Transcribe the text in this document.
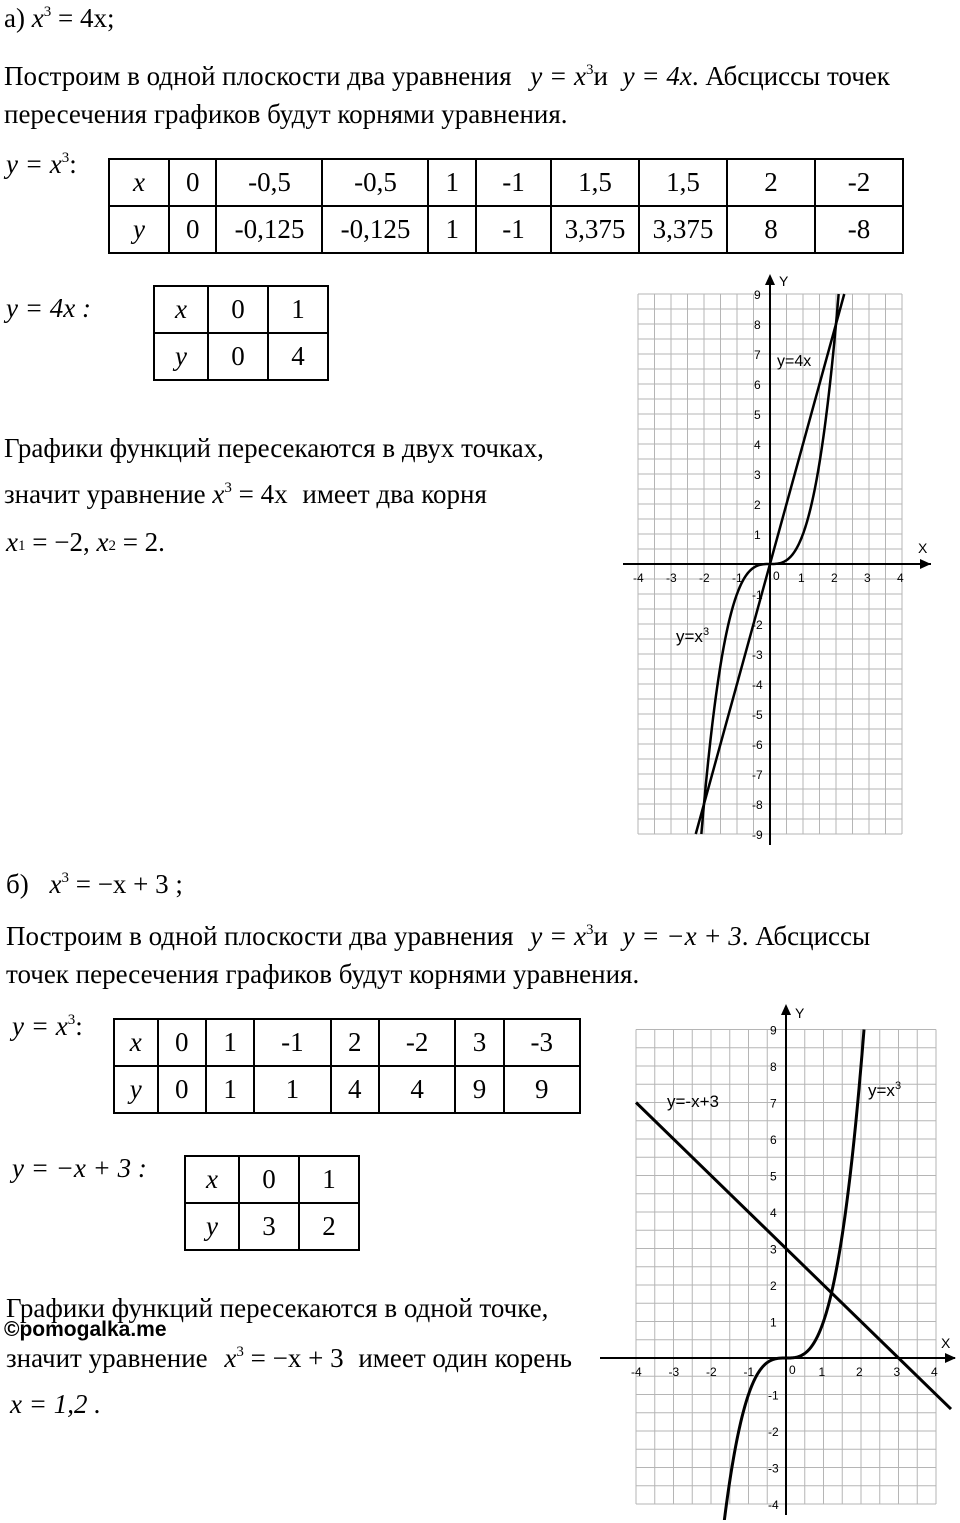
а) $x^3 = 4x$;
Построим в одной плоскости два уравнения $y = x^3и$ y = 4x. Абсциссы точек
пересечения графиков будут корнями уравнения.
$y = x^3$:
x	0	-0,5	-0,5	1	-1	1,5	1,5	2	-2
y	0	-0,125	-0,125	1	-1	3,375	3,375	8	-8
y = 4x :	x	0	1
y	0	4
Графики функций пересекаются в двух точках,
значит уравнение $x^3 = 4x$ имеет два корня
$x_1 = -2$, $x_2 = 2$.	X
Y
-4 -3 -2 -1	1 2 3 4
1
2
3
4
5
6
7
8
9
-1
-2
-3
-4
-5
-6
-7
-8
-9
0
y=4x
$y=x^3$
б) $x^3 = -x + 3$ ;
Построим в одной плоскости два уравнения $y = x^3и$ y = −x + 3. Абсциссы
точек пересечения графиков будут корнями уравнения.
$y = x^3$:
x	0	1	-1	2	-2	3	-3
y	0	1	1	4	4	9	9
y = −x + 3 : x	0	1
y	3	2
Графики функций пересекаются в одной точке,
©pomogalka.me
значит уравнение $x^3 = -x + 3$ имеет один корень
x = 1,2 .
X
Y
-4 -3 -2 -1	1	2	3	4
1
2
3
4
5
6
7
8
9
-1
-2
-3
-4
0
y=-x+3
$y=x^3$
